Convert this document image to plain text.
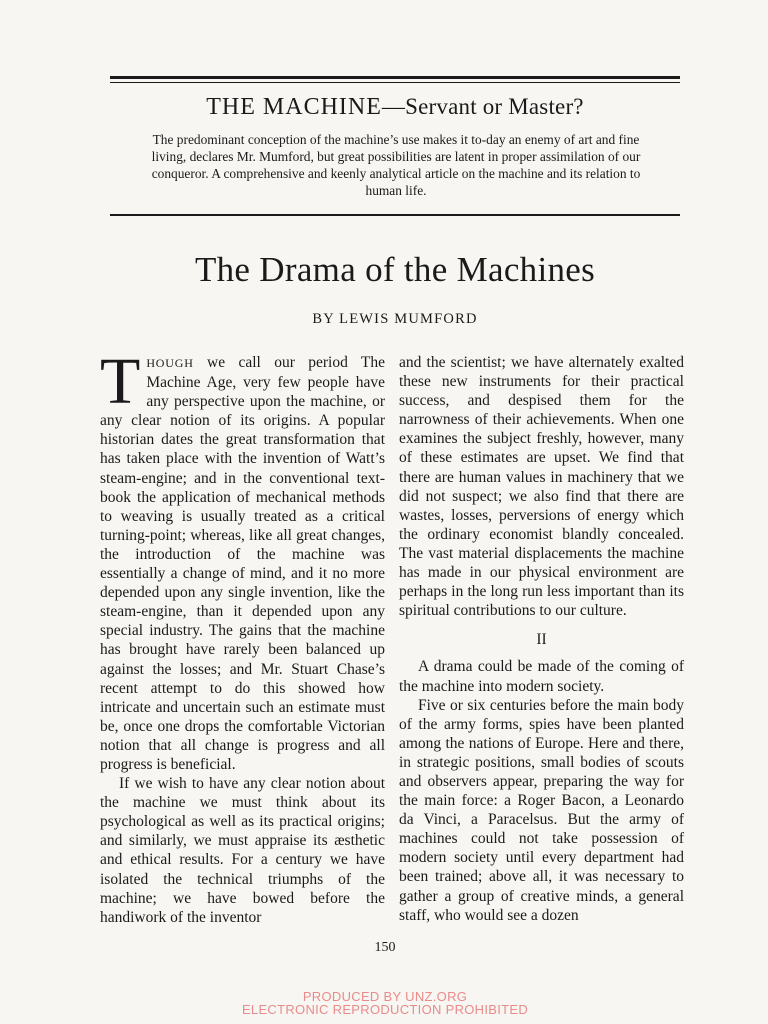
THE MACHINE—Servant or Master?
The predominant conception of the machine’s use makes it to-day an enemy of art and fine living, declares Mr. Mumford, but great possibilities are latent in proper assimilation of our conqueror. A comprehensive and keenly analytical article on the machine and its relation to human life.
The Drama of the Machines
BY LEWIS MUMFORD

THOUGH we call our period The Machine Age, very few people have any perspective upon the machine, or any clear notion of its origins. A popular historian dates the great transformation that has taken place with the invention of Watt’s steam-engine; and in the conventional text-book the application of mechanical methods to weaving is usually treated as a critical turning-point; whereas, like all great changes, the introduction of the machine was essentially a change of mind, and it no more depended upon any single invention, like the steam-engine, than it depended upon any special industry. The gains that the machine has brought have rarely been balanced up against the losses; and Mr. Stuart Chase’s recent attempt to do this showed how intricate and uncertain such an estimate must be, once one drops the comfortable Victorian notion that all change is progress and all progress is beneficial.

If we wish to have any clear notion about the machine we must think about its psychological as well as its practical origins; and similarly, we must appraise its æsthetic and ethical results. For a century we have isolated the technical triumphs of the machine; we have bowed before the handiwork of the inventor

and the scientist; we have alternately exalted these new instruments for their practical success, and despised them for the narrowness of their achievements. When one examines the subject freshly, however, many of these estimates are upset. We find that there are human values in machinery that we did not suspect; we also find that there are wastes, losses, perversions of energy which the ordinary economist blandly concealed. The vast material displacements the machine has made in our physical environment are perhaps in the long run less important than its spiritual contributions to our culture.

II

A drama could be made of the coming of the machine into modern society.

Five or six centuries before the main body of the army forms, spies have been planted among the nations of Europe. Here and there, in strategic positions, small bodies of scouts and observers appear, preparing the way for the main force: a Roger Bacon, a Leonardo da Vinci, a Paracelsus. But the army of machines could not take possession of modern society until every department had been trained; above all, it was necessary to gather a group of creative minds, a general staff, who would see a dozen

150
PRODUCED BY UNZ.ORG
ELECTRONIC REPRODUCTION PROHIBITED
